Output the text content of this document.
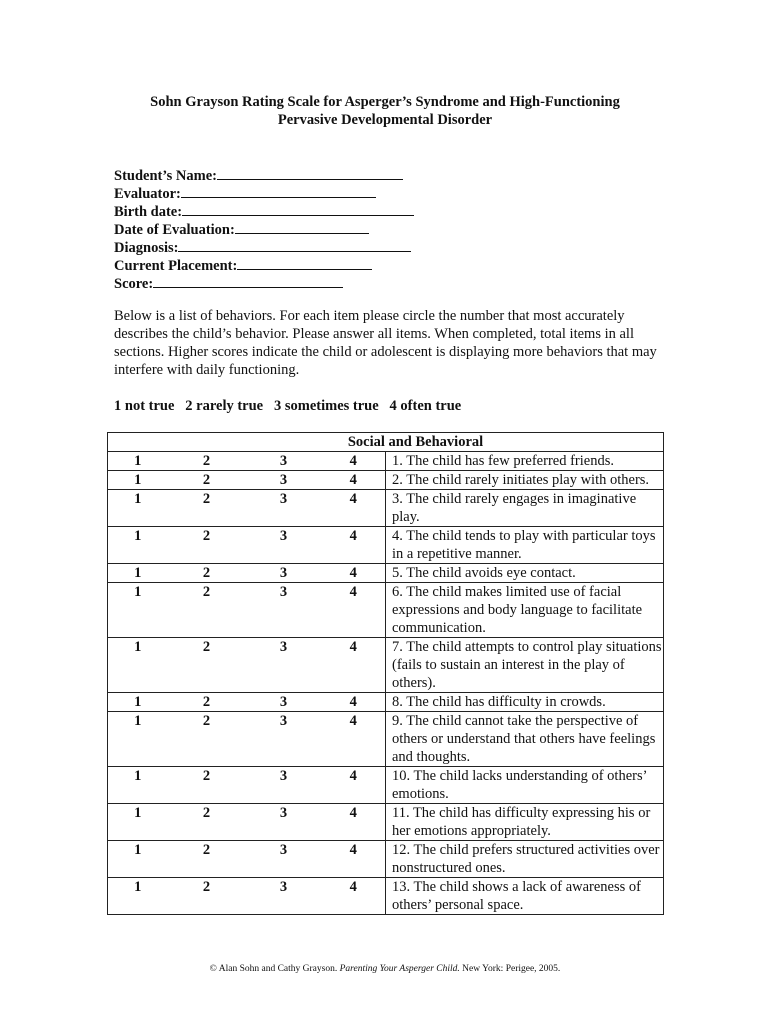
Sohn Grayson Rating Scale for Asperger’s Syndrome and High-Functioning
Pervasive Developmental Disorder
Student’s Name:
Evaluator:
Birth date:
Date of Evaluation:
Diagnosis:
Current Placement:
Score:
Below is a list of behaviors. For each item please circle the number that most accurately describes the child’s behavior. Please answer all items. When completed, total items in all sections. Higher scores indicate the child or adolescent is displaying more behaviors that may interfere with daily functioning.
1 not true   2 rarely true   3 sometimes true   4 often true
Social and Behavioral				
1	2	3	4	1. The child has few preferred friends.
1	2	3	4	2. The child rarely initiates play with others.
1	2	3	4	3. The child rarely engages in imaginative play.
1	2	3	4	4. The child tends to play with particular toys in a repetitive manner.
1	2	3	4	5. The child avoids eye contact.
1	2	3	4	6. The child makes limited use of facial expressions and body language to facilitate communication.
1	2	3	4	7. The child attempts to control play situations (fails to sustain an interest in the play of others).
1	2	3	4	8. The child has difficulty in crowds.
1	2	3	4	9. The child cannot take the perspective of others or understand that others have feelings and thoughts.
1	2	3	4	10. The child lacks understanding of others’ emotions.
1	2	3	4	11. The child has difficulty expressing his or her emotions appropriately.
1	2	3	4	12. The child prefers structured activities over nonstructured ones.
1	2	3	4	13. The child shows a lack of awareness of others’ personal space.
© Alan Sohn and Cathy Grayson. Parenting Your Asperger Child. New York: Perigee, 2005.
